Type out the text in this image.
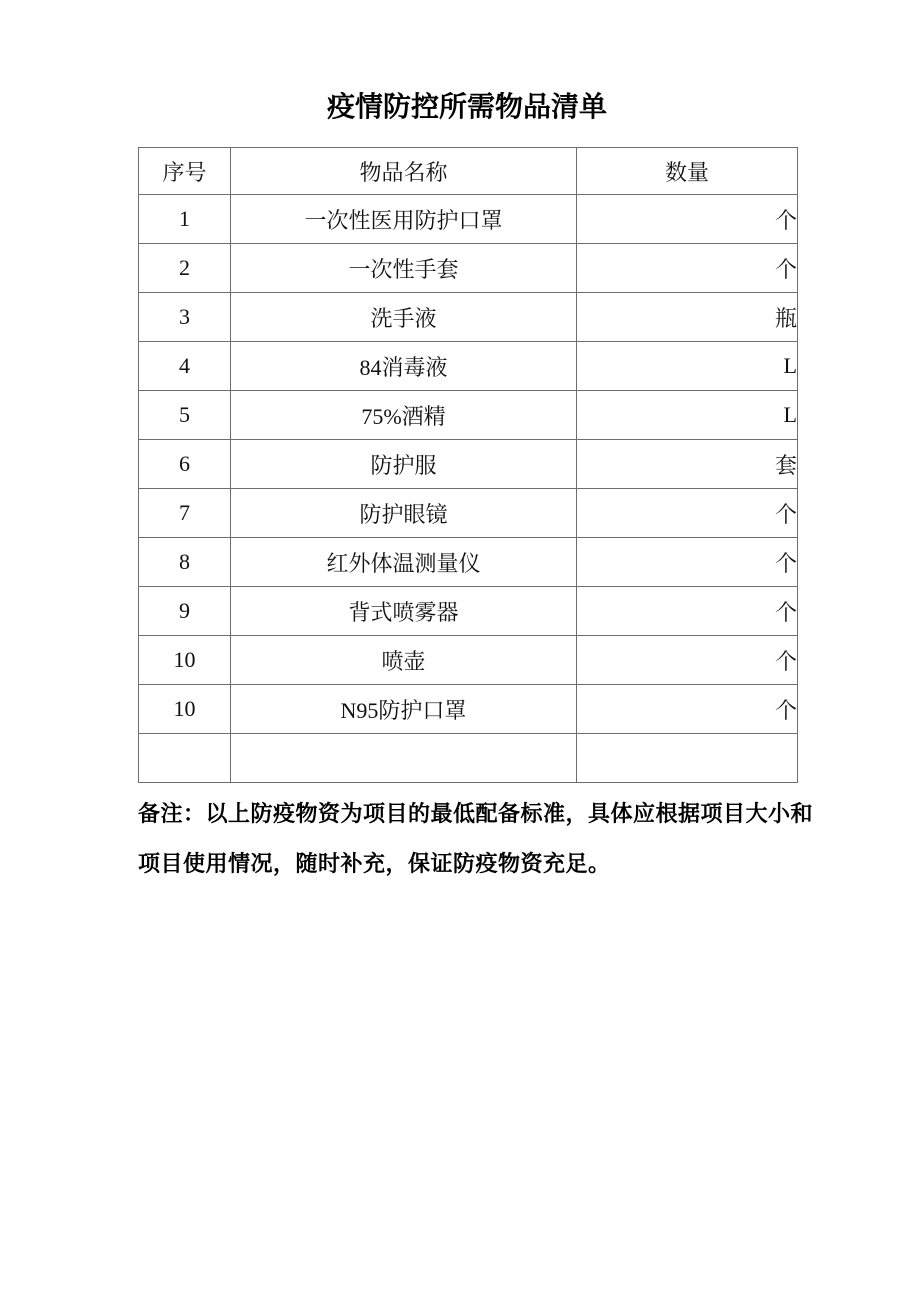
疫情防控所需物品清单
序号	物品名称	数量
1	一次性医用防护口罩	个
2	一次性手套	个
3	洗手液	瓶
4	84消毒液	L
5	75%酒精	L
6	防护服	套
7	防护眼镜	个
8	红外体温测量仪	个
9	背式喷雾器	个
10	喷壶	个
10	N95防护口罩	个

备注：以上防疫物资为项目的最低配备标准，具体应根据项目大小和

项目使用情况，随时补充，保证防疫物资充足。
